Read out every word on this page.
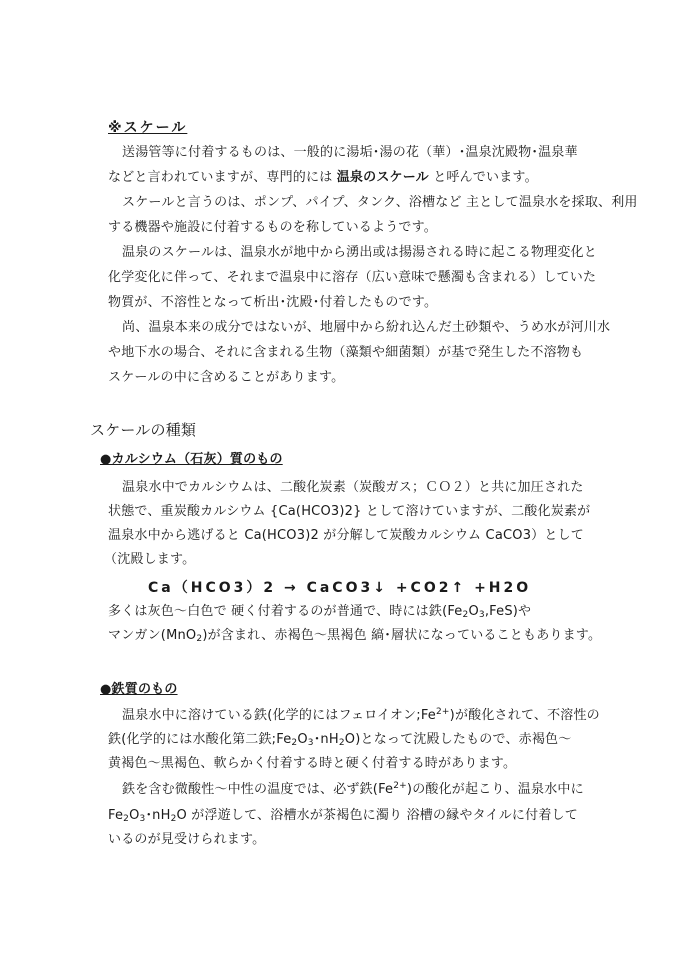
※スケール
送湯管等に付着するものは、一般的に湯垢･湯の花（華）･温泉沈殿物･温泉華
などと言われていますが、専門的には 温泉のスケール と呼んでいます。
スケールと言うのは、ポンプ、パイプ、タンク、浴槽など 主として温泉水を採取、利用
する機器や施設に付着するものを称しているようです。
温泉のスケールは、温泉水が地中から湧出或は揚湯される時に起こる物理変化と
化学変化に伴って、それまで温泉中に溶存（広い意味で懸濁も含まれる）していた
物質が、不溶性となって析出･沈殿･付着したものです。
尚、温泉本来の成分ではないが、地層中から紛れ込んだ土砂類や、うめ水が河川水
や地下水の場合、それに含まれる生物（藻類や細菌類）が基で発生した不溶物も
スケールの中に含めることがあります。
スケールの種類
●カルシウム（石灰）質のもの
温泉水中でカルシウムは、二酸化炭素（炭酸ガス；ＣＯ２）と共に加圧された
状態で、重炭酸カルシウム {Ca(HCO3)2} として溶けていますが、二酸化炭素が
温泉水中から逃げると Ca(HCO3)2 が分解して炭酸カルシウム CaCO3）として
（沈殿します。
Ca（HCO3）2 → CaCO3↓ +CO2↑ +H2O
多くは灰色～白色で 硬く付着するのが普通で、時には鉄$(Fe_2O_3,FeS)$や
マンガン(MnO$_2$)が含まれ、赤褐色～黒褐色 縞･層状になっていることもあります。
●鉄質のもの
温泉水中に溶けている鉄(化学的にはフェロイオン$;Fe^{2+}$)が酸化されて、不溶性の
鉄(化学的には水酸化第二鉄$;Fe_2O_3$･$nH_2O$)となって沈殿したもので、赤褐色～
黄褐色～黒褐色、軟らかく付着する時と硬く付着する時があります。
鉄を含む微酸性～中性の温度では、必ず鉄$(Fe^{2+})$の酸化が起こり、温泉水中に
$Fe_2O_3$･$nH_2O$ が浮遊して、浴槽水が茶褐色に濁り 浴槽の縁やタイルに付着して
いるのが見受けられます。
